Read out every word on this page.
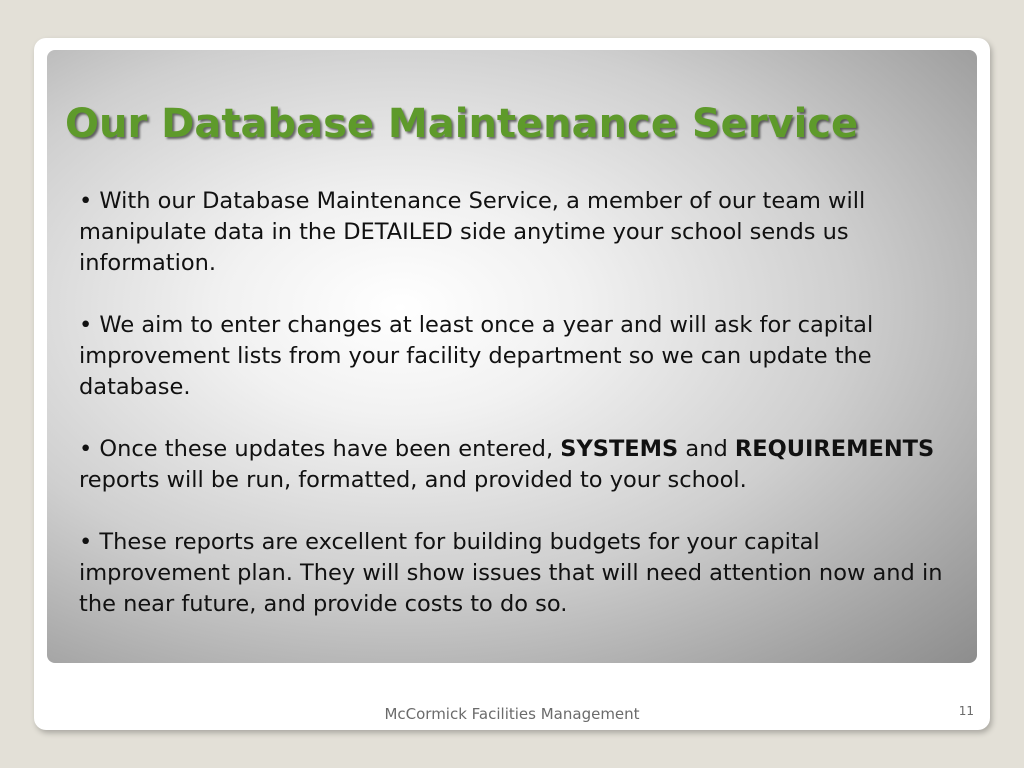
Our Database Maintenance Service

• With our Database Maintenance Service, a member of our team will manipulate data in the DETAILED side anytime your school sends us information.

• We aim to enter changes at least once a year and will ask for capital improvement lists from your facility department so we can update the database.

• Once these updates have been entered, SYSTEMS and REQUIREMENTS reports will be run, formatted, and provided to your school.

• These reports are excellent for building budgets for your capital improvement plan. They will show issues that will need attention now and in the near future, and provide costs to do so.

McCormick Facilities Management	11
